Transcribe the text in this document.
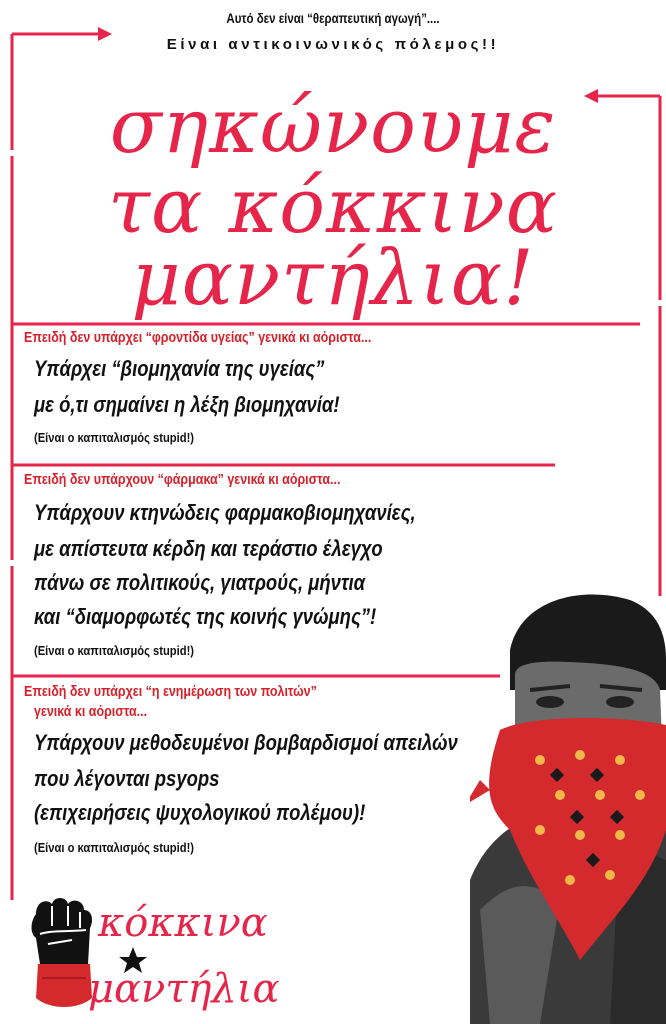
Αυτό δεν είναι “θεραπευτική αγωγή”....
Είναι αντικοινωνικός πόλεμος!!
σηκώνουμε
τα κόκκινα
μαντήλια!
Επειδή δεν υπάρχει “φροντίδα υγείας” γενικά κι αόριστα...
Υπάρχει “βιομηχανία της υγείας”
με ό,τι σημαίνει η λέξη βιομηχανία!
(Είναι ο καπιταλισμός stupid!)
Επειδή δεν υπάρχουν “φάρμακα” γενικά κι αόριστα...
Υπάρχουν κτηνώδεις φαρμακοβιομηχανίες,
με απίστευτα κέρδη και τεράστιο έλεγχο
πάνω σε πολιτικούς, γιατρούς, μήντια
και “διαμορφωτές της κοινής γνώμης”!
(Είναι ο καπιταλισμός stupid!)
Επειδή δεν υπάρχει “η ενημέρωση των πολιτών”
γενικά κι αόριστα...
Υπάρχουν μεθοδευμένοι βομβαρδισμοί απειλών
που λέγονται psyops
(επιχειρήσεις ψυχολογικού πολέμου)!
(Είναι ο καπιταλισμός stupid!)
κόκκινα
μαντήλια
